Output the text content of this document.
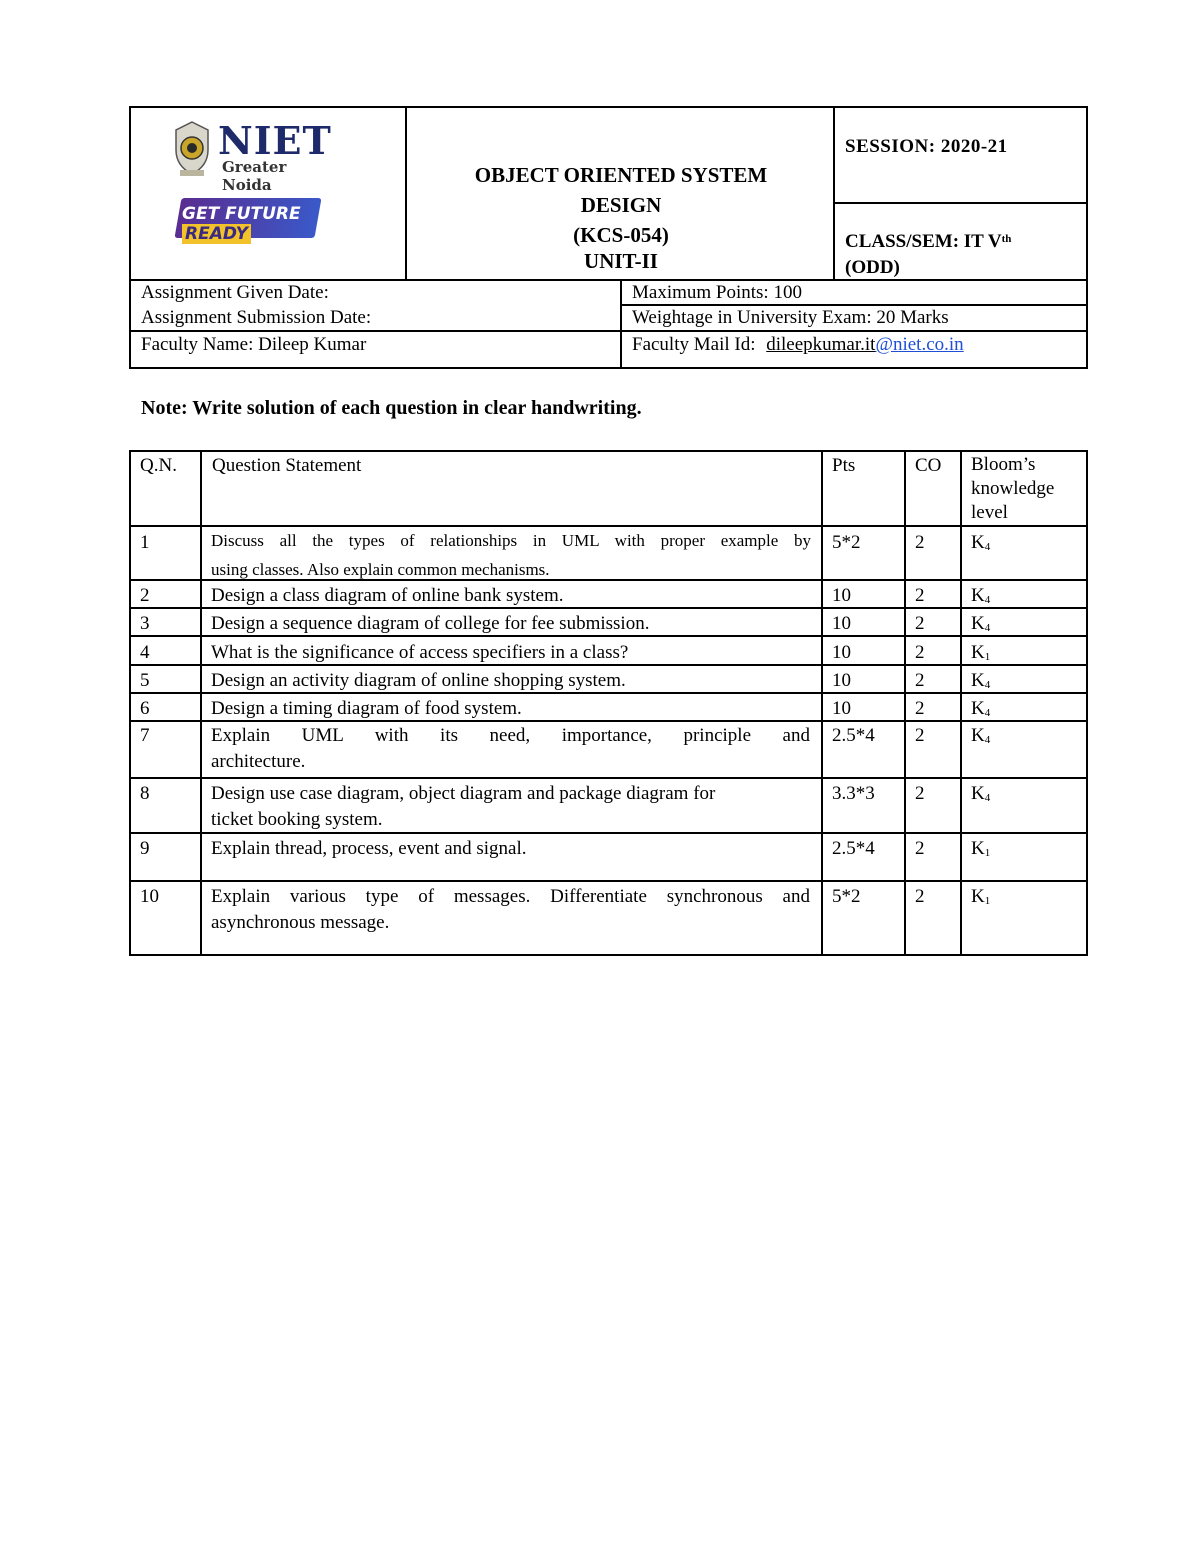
NIET
Greater Noida
GET FUTURE READY
OBJECT ORIENTED SYSTEM
DESIGN
(KCS-054)
UNIT-II
SESSION: 2020-21
CLASS/SEM: IT Vth
(ODD)
Assignment Given Date:
Assignment Submission Date:
Faculty Name: Dileep Kumar
Maximum Points: 100
Weightage in University Exam: 20 Marks
Faculty Mail Id: dileepkumar.it@niet.co.in
Note: Write solution of each question in clear handwriting.
Q.N. Question Statement	Pts	CO Bloom’s
knowledge
level
1	Discuss all the types of relationships in UML with proper example by
using classes. Also explain common mechanisms.
5*2	2 K4
2	Design a class diagram of online bank system.	10	2 K4
3	Design a sequence diagram of college for fee submission.	10	2 K4
4	What is the significance of access specifiers in a class?	10	2 K1
5	Design an activity diagram of online shopping system.	10	2 K4
6	Design a timing diagram of food system.	10	2 K4
7	Explain UML with its need, importance, principle and
architecture.
2.5*4 2 K4
8	Design use case diagram, object diagram and package diagram for
ticket booking system.
3.3*3 2 K4
9	Explain thread, process, event and signal.	2.5*4 2 K1
10	Explain various type of messages. Differentiate synchronous and
asynchronous message.
5*2	2 K1
